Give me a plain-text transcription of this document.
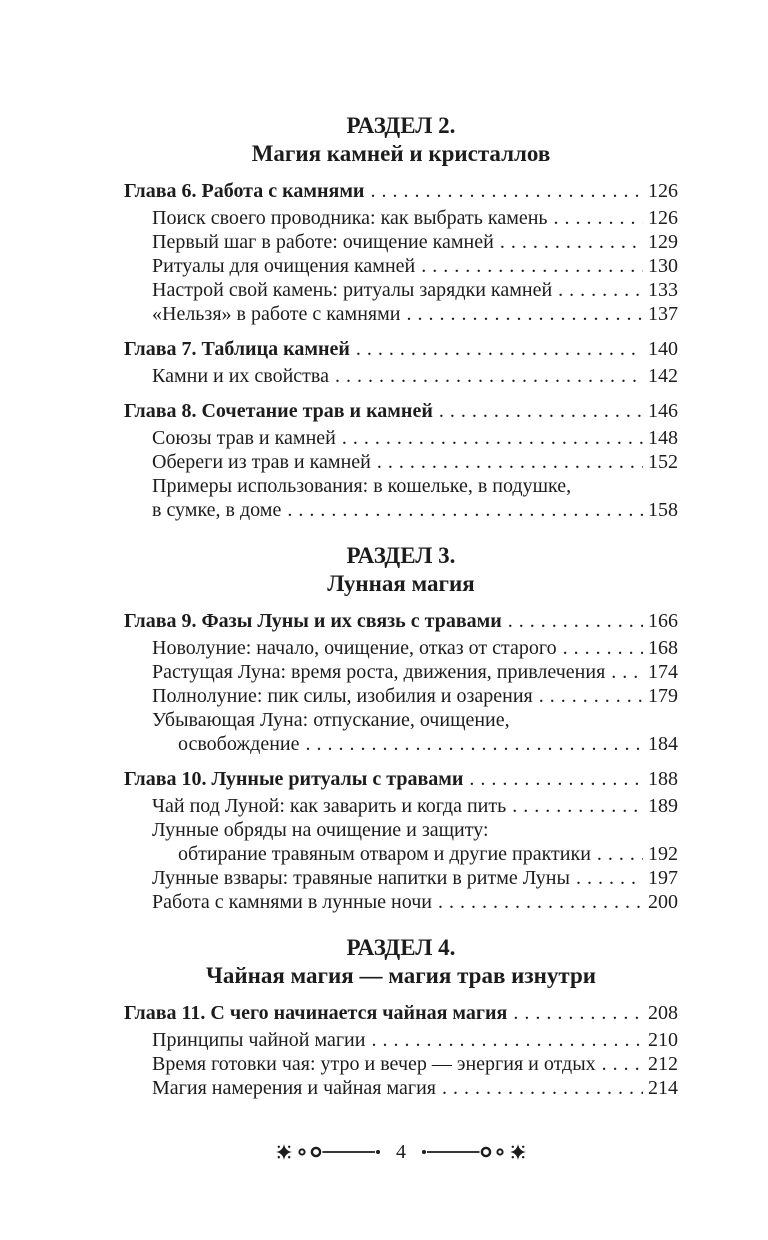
РАЗДЕЛ 2.
Магия камней и кристаллов
Глава 6. Работа с камнями . . .	126
Поиск своего проводника: как выбрать камень . . .	126
Первый шаг в работе: очищение камней . . .	129
Ритуалы для очищения камней . . .	130
Настрой свой камень: ритуалы зарядки камней . . .	133
«Нельзя» в работе с камнями . . .	137
Глава 7. Таблица камней . . .	140
Камни и их свойства . . .	142
Глава 8. Сочетание трав и камней . . .	146
Союзы трав и камней . . .	148
Обереги из трав и камней . . .	152
Примеры использования: в кошельке, в подушке,
в сумке, в доме . . .	158
РАЗДЕЛ 3.
Лунная магия
Глава 9. Фазы Луны и их связь с травами . . .	166
Новолуние: начало, очищение, отказ от старого . . .	168
Растущая Луна: время роста, движения, привлечения . . . 174
Полнолуние: пик силы, изобилия и озарения . . .	179
Убывающая Луна: отпускание, очищение,
освобождение . . .	184
Глава 10. Лунные ритуалы с травами . . .	188
Чай под Луной: как заварить и когда пить . . .	189
Лунные обряды на очищение и защиту:
обтирание травяным отваром и другие практики . . .	192
Лунные взвары: травяные напитки в ритме Луны . . .	197
Работа с камнями в лунные ночи . . .	200
РАЗДЕЛ 4.
Чайная магия — магия трав изнутри
Глава 11. С чего начинается чайная магия . . .	208
Принципы чайной магии . . .	210
Время готовки чая: утро и вечер — энергия и отдых . . .	212
Магия намерения и чайная магия . . .	214
4
